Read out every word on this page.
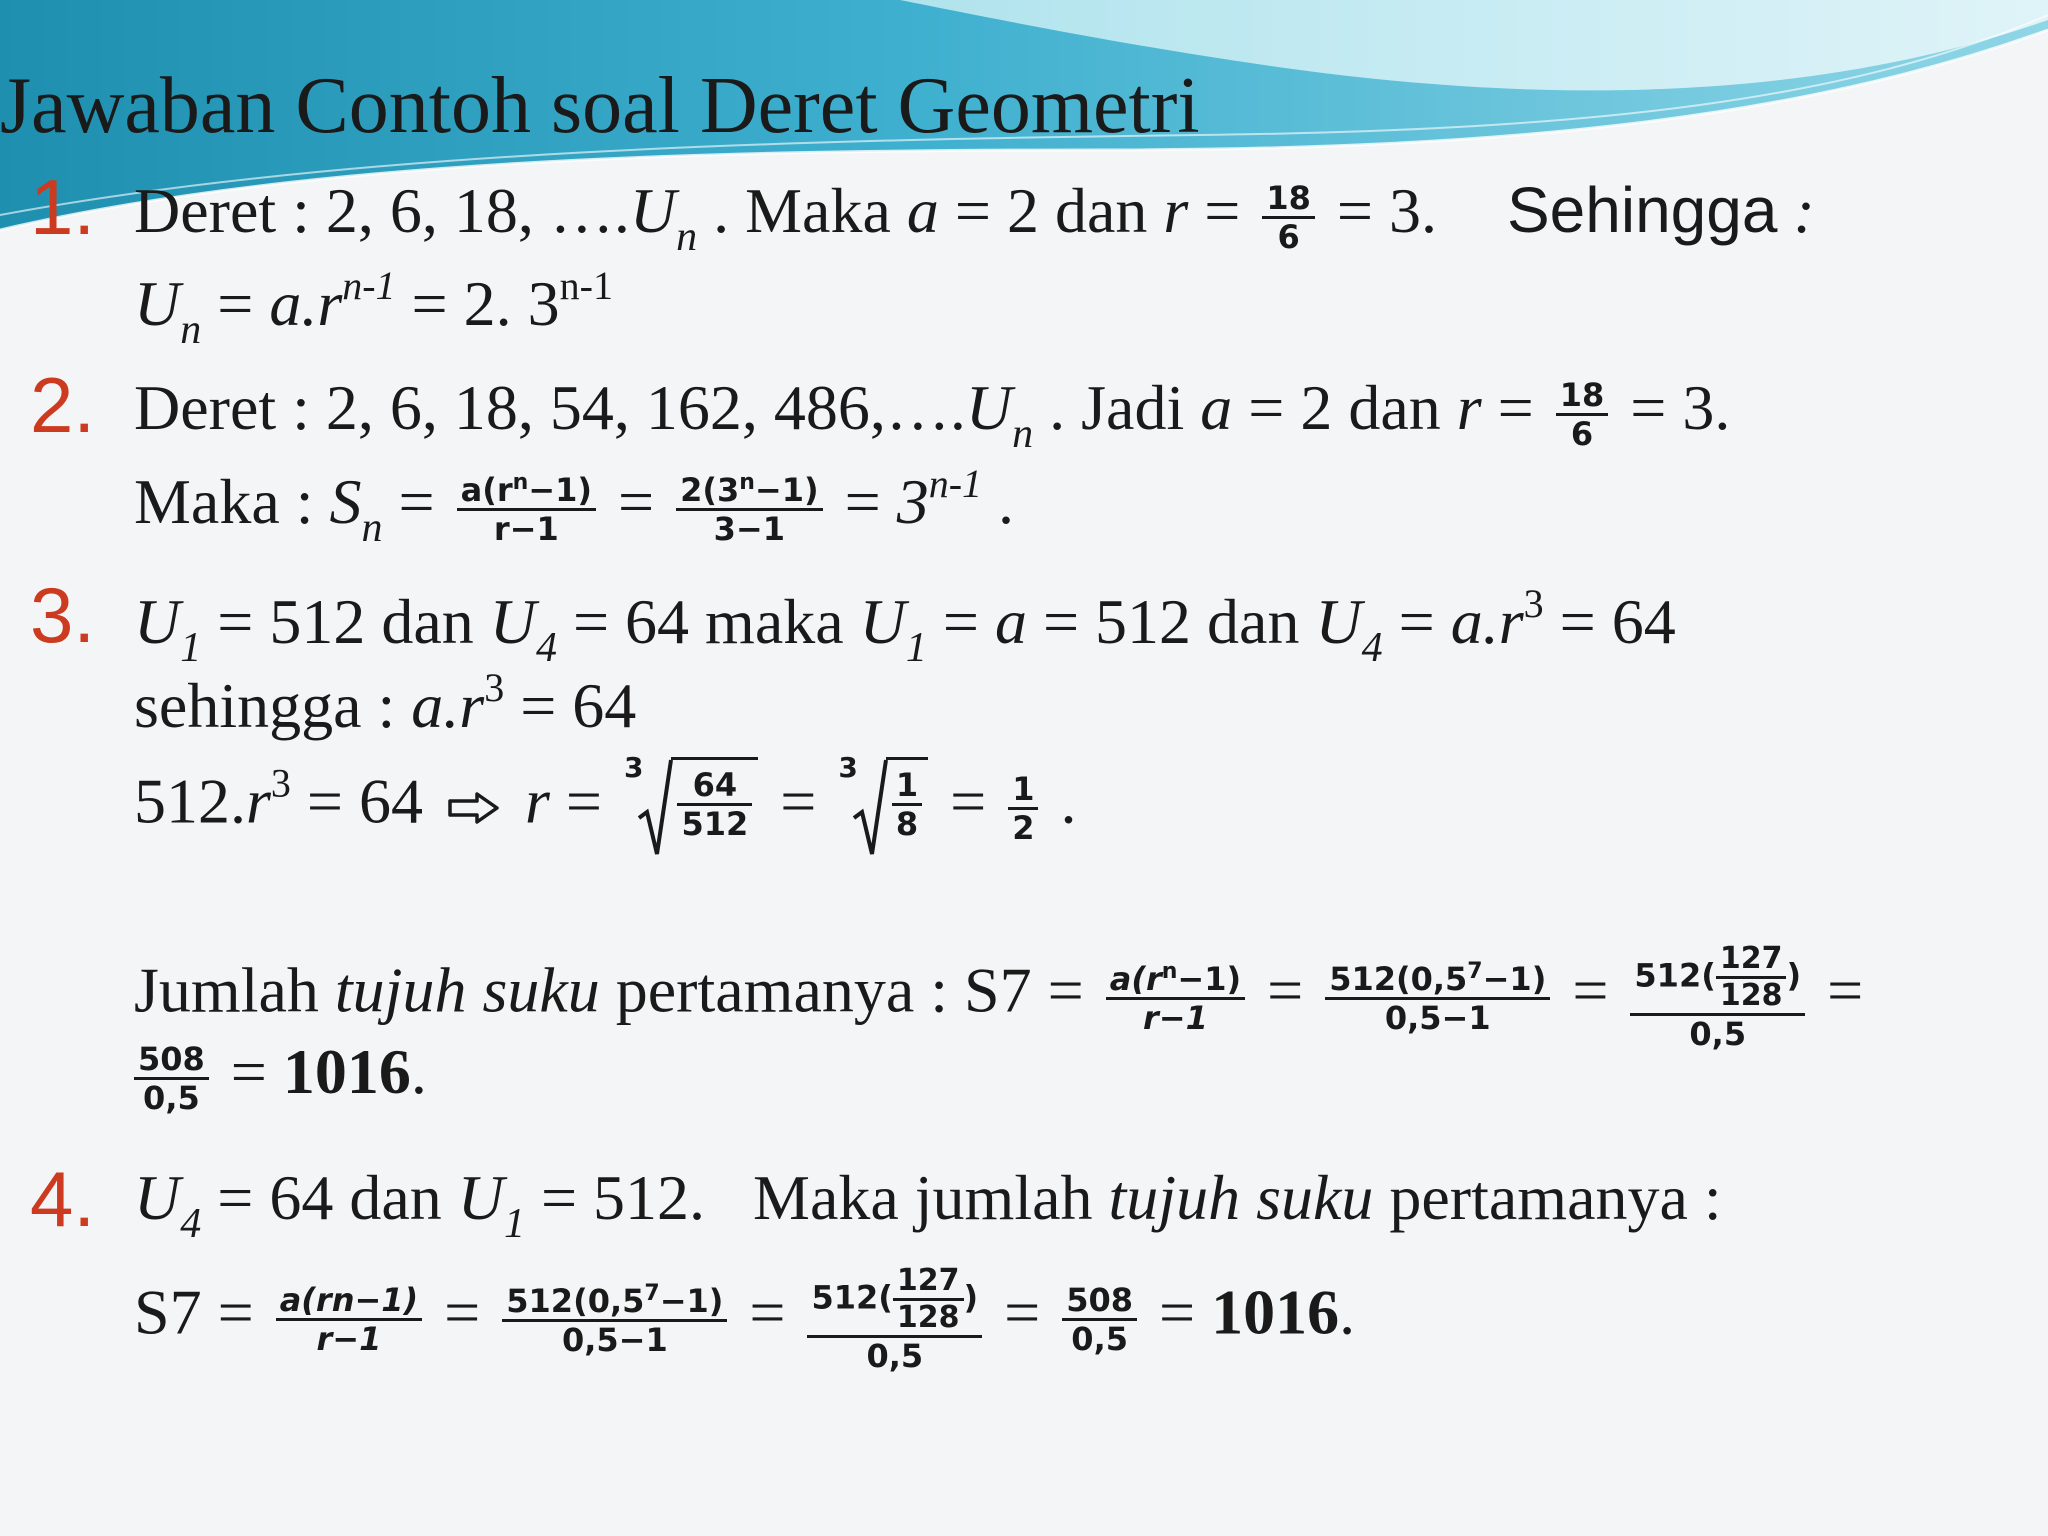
Jawaban Contoh soal Deret Geometri
1. Deret : 2, 6, 18, $\dots.U_n$ . Maka a = 2 dan $r = \frac{18}{6} = 3$. Sehingga :
$U_n = a.r^{n-1} = 2$. 3$^{n-1}$
2. Deret : 2, 6, 18, 54, 162, $486,\dots.U_n$ . Jadi a = 2 dan $r = \frac{18}{6} = 3$.
Maka : $S_n = \frac{a(r^n-1)}{r-1} = \frac{2(3^n-1)}{3-1} = 3^{n-1}$ .
3. $U_1 = 512$ dan $U_4 = 64$ maka $U_1 = a = 512$ dan $U_4 = a.r^3 = 64$
sehingga : $a.r^3 = 64$
$512.r^3 = 64$  r = 3
$\frac{64}{512} = 3$
$\frac{1}{8} = \frac{1}{2}$ .
Jumlah tujuh suku pertamanya : $S7 = \frac{a(r^n-1)}{r-1} = \frac{512(0,5^7-1)}{0,5-1} = \frac{512( \frac{127}{128} )}{0,5}$ =
$\frac{508}{0,5} = 1016$.
4. $U_4 = 64$ dan $U_1 = 512$.   Maka jumlah tujuh suku pertamanya :
$S7 = \frac{a(rn-1)}{r-1} = \frac{512(0,5^7-1)}{0,5-1} = \frac{512( \frac{127}{128} )}{0,5} = \frac{508}{0,5} = 1016$.
